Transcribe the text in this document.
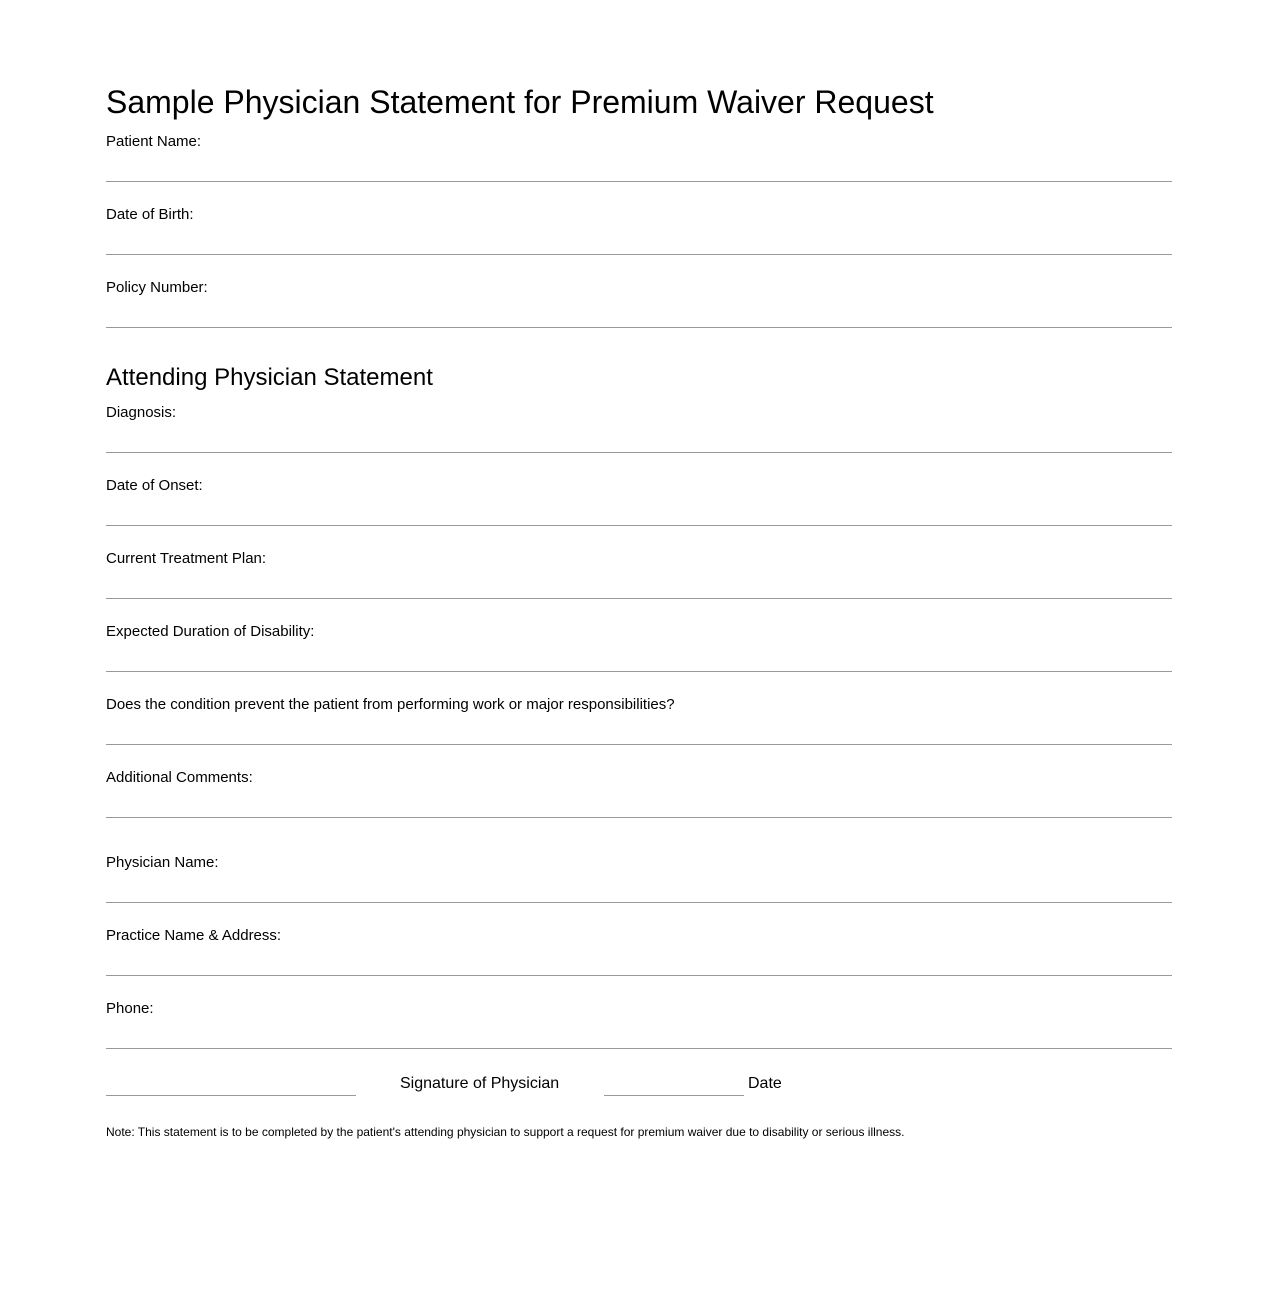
Sample Physician Statement for Premium Waiver Request
Patient Name:
Date of Birth:
Policy Number:
Attending Physician Statement
Diagnosis:
Date of Onset:
Current Treatment Plan:
Expected Duration of Disability:
Does the condition prevent the patient from performing work or major responsibilities?
Additional Comments:
Physician Name:
Practice Name & Address:
Phone:
Signature of Physician	Date

Note: This statement is to be completed by the patient's attending physician to support a request for premium waiver due to disability or serious illness.
